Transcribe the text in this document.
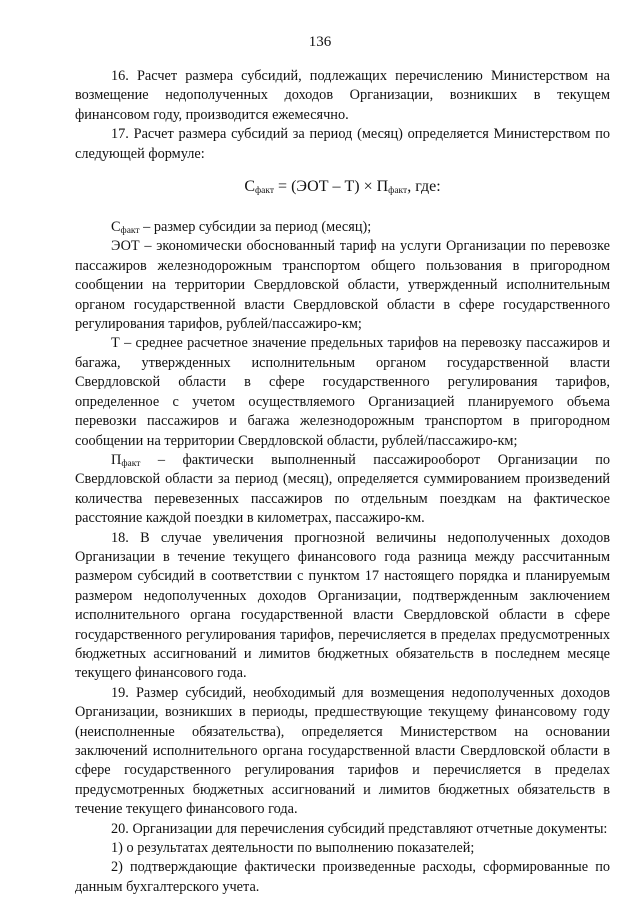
136

16. Расчет размера субсидий, подлежащих перечислению Министерством на возмещение недополученных доходов Организации, возникших в текущем финансовом году, производится ежемесячно.

17. Расчет размера субсидий за период (месяц) определяется Министерством по следующей формуле:

$С_{факт} = (ЭОТ - Т) \times П_{факт}$, где:

$С_{факт}$ – размер субсидии за период (месяц);

ЭОТ – экономически обоснованный тариф на услуги Организации по перевозке пассажиров железнодорожным транспортом общего пользования в пригородном сообщении на территории Свердловской области, утвержденный исполнительным органом государственной власти Свердловской области в сфере государственного регулирования тарифов, рублей/пассажиро-км;

Т – среднее расчетное значение предельных тарифов на перевозку пассажиров и багажа, утвержденных исполнительным органом государственной власти Свердловской области в сфере государственного регулирования тарифов, определенное с учетом осуществляемого Организацией планируемого объема перевозки пассажиров и багажа железнодорожным транспортом в пригородном сообщении на территории Свердловской области, рублей/пассажиро-км;

$П_{факт}$ – фактически выполненный пассажирооборот Организации по Свердловской области за период (месяц), определяется суммированием произведений количества перевезенных пассажиров по отдельным поездкам на фактическое расстояние каждой поездки в километрах, пассажиро-км.

18. В случае увеличения прогнозной величины недополученных доходов Организации в течение текущего финансового года разница между рассчитанным размером субсидий в соответствии с пунктом 17 настоящего порядка и планируемым размером недополученных доходов Организации, подтвержденным заключением исполнительного органа государственной власти Свердловской области в сфере государственного регулирования тарифов, перечисляется в пределах предусмотренных бюджетных ассигнований и лимитов бюджетных обязательств в последнем месяце текущего финансового года.

19. Размер субсидий, необходимый для возмещения недополученных доходов Организации, возникших в периоды, предшествующие текущему финансовому году (неисполненные обязательства), определяется Министерством на основании заключений исполнительного органа государственной власти Свердловской области в сфере государственного регулирования тарифов и перечисляется в пределах предусмотренных бюджетных ассигнований и лимитов бюджетных обязательств в течение текущего финансового года.

20. Организации для перечисления субсидий представляют отчетные документы:

1) о результатах деятельности по выполнению показателей;

2) подтверждающие фактически произведенные расходы, сформированные по данным бухгалтерского учета.
